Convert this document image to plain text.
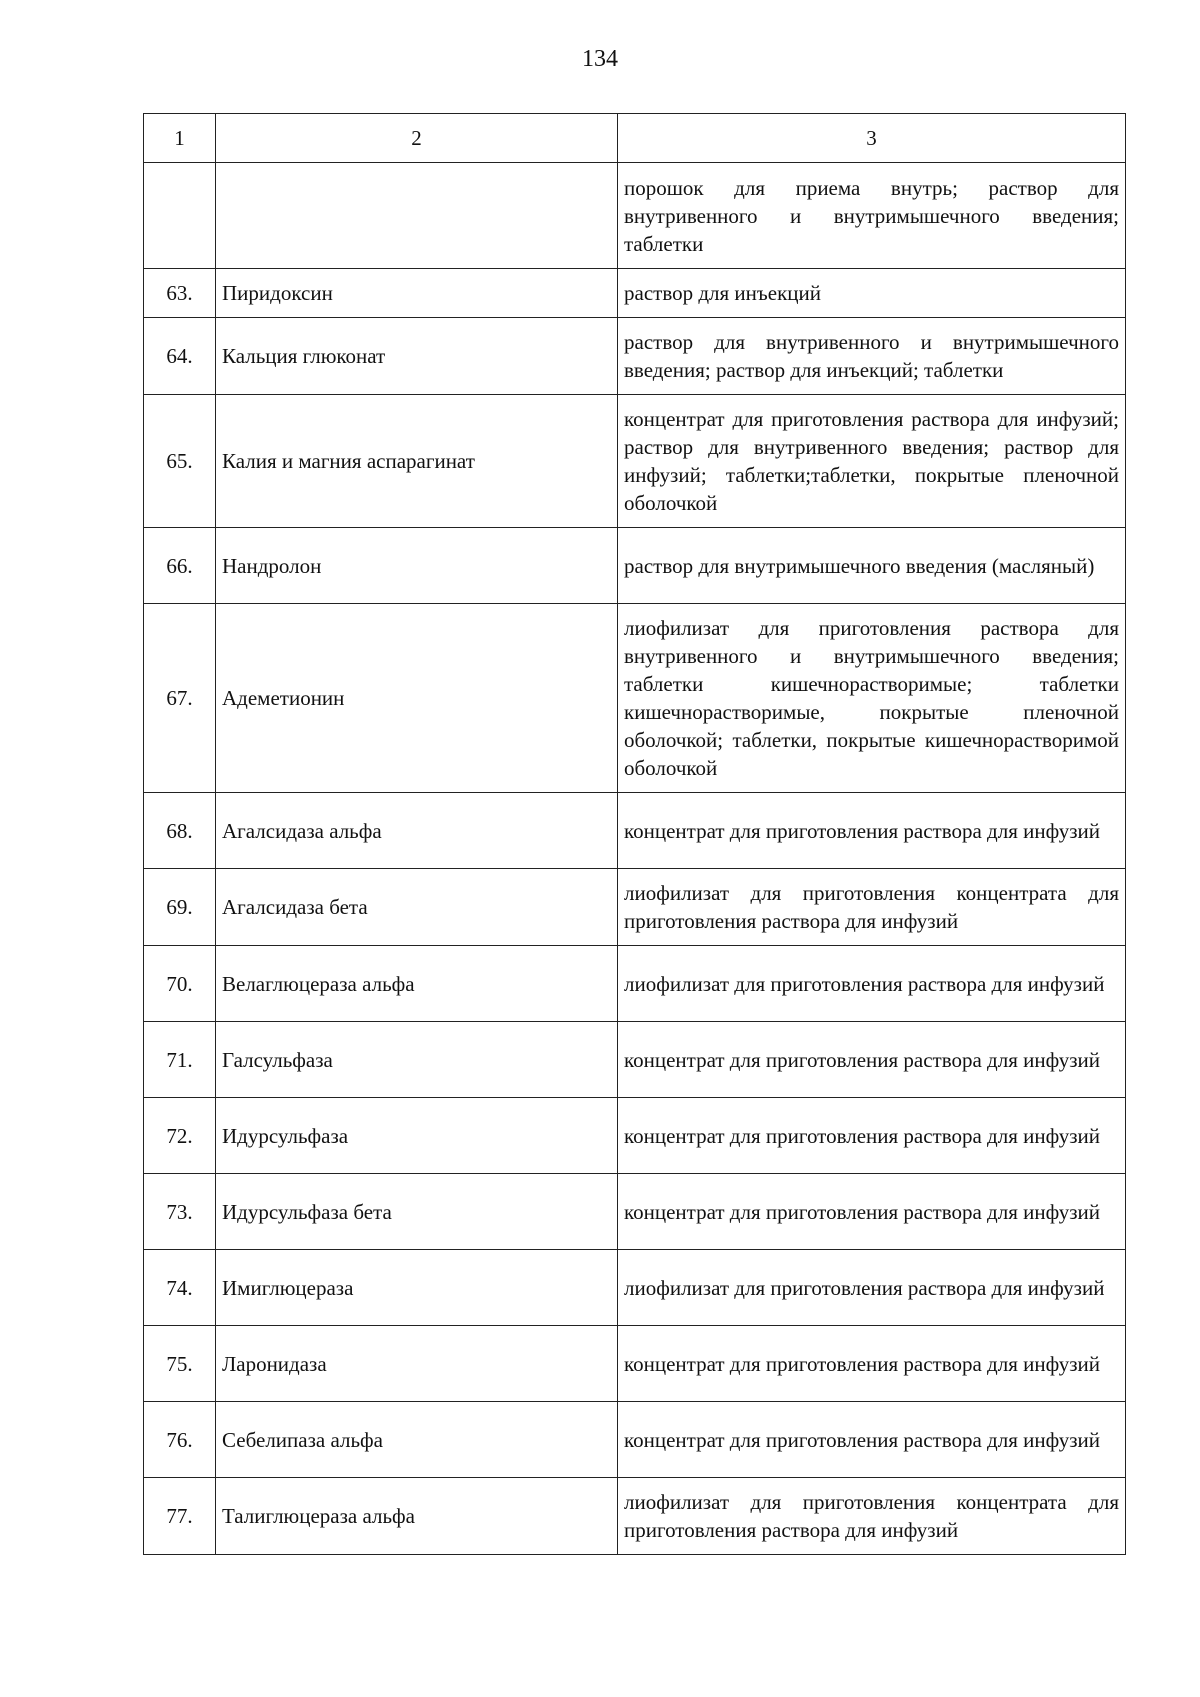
134
1	2	3
		порошок для приема внутрь; раствор для внутривенного и внутримышечного введения; таблетки
63.	Пиридоксин	раствор для инъекций
64.	Кальция глюконат	раствор для внутривенного и внутримышечного введения; раствор для инъекций; таблетки
65.	Калия и магния аспарагинат	концентрат для приготовления раствора для инфузий; раствор для внутривенного введения; раствор для инфузий; таблетки;таблетки, покрытые пленочной оболочкой
66.	Нандролон	раствор для внутримышечного введения (масляный)
67.	Адеметионин	лиофилизат для приготовления раствора для внутривенного и внутримышечного введения; таблетки кишечнорастворимые; таблетки кишечнорастворимые, покрытые пленочной оболочкой; таблетки, покрытые кишечнорастворимой оболочкой
68.	Агалсидаза альфа	концентрат для приготовления раствора для инфузий
69.	Агалсидаза бета	лиофилизат для приготовления концентрата для приготовления раствора для инфузий
70.	Велаглюцераза альфа	лиофилизат для приготовления раствора для инфузий
71.	Галсульфаза	концентрат для приготовления раствора для инфузий
72.	Идурсульфаза	концентрат для приготовления раствора для инфузий
73.	Идурсульфаза бета	концентрат для приготовления раствора для инфузий
74.	Имиглюцераза	лиофилизат для приготовления раствора для инфузий
75.	Ларонидаза	концентрат для приготовления раствора для инфузий
76.	Себелипаза альфа	концентрат для приготовления раствора для инфузий
77.	Талиглюцераза альфа	лиофилизат для приготовления концентрата для приготовления раствора для инфузий
